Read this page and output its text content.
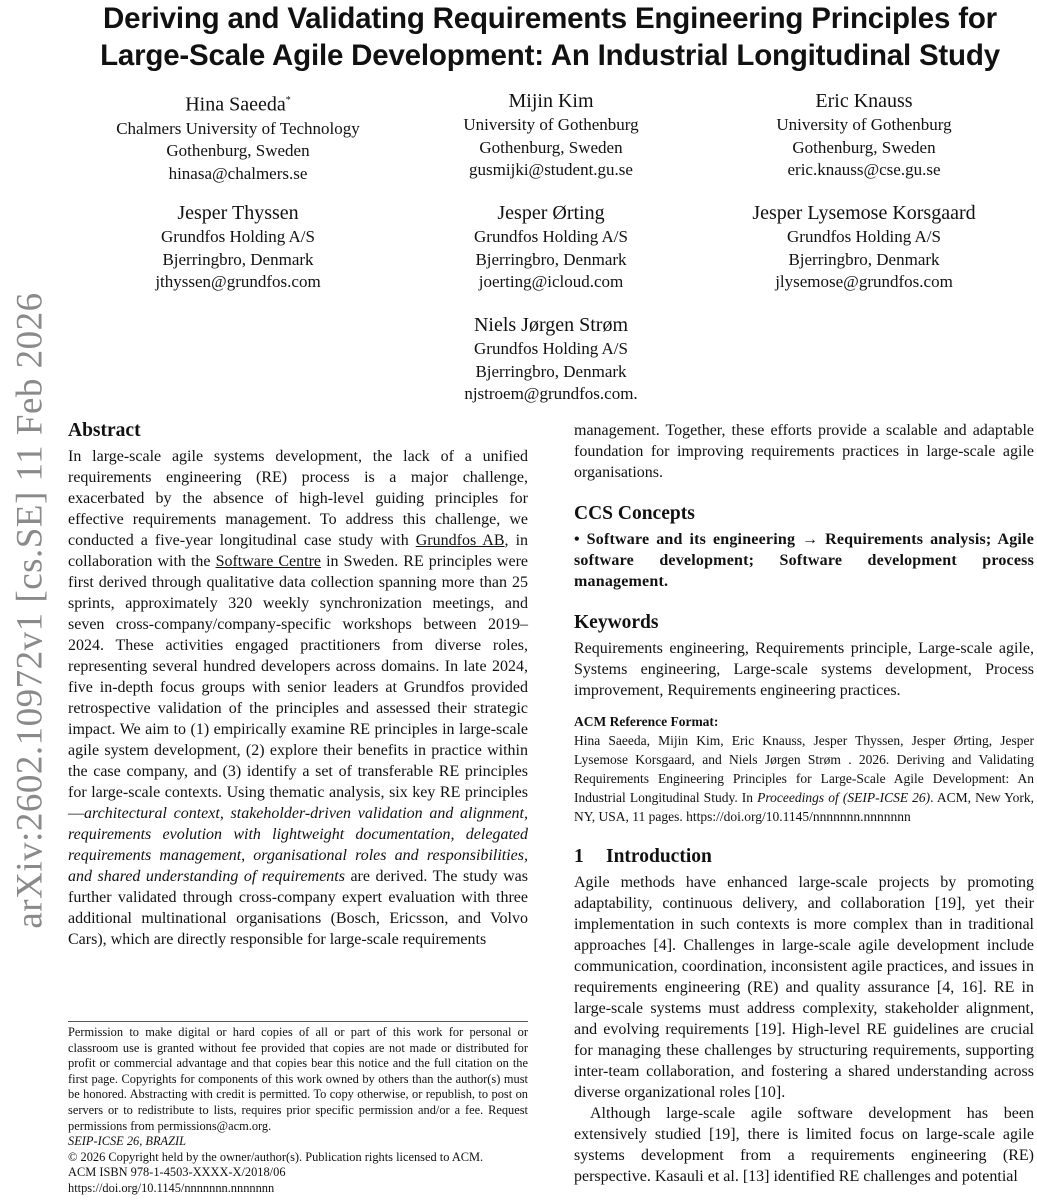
arXiv:2602.10972v1 [cs.SE] 11 Feb 2026
Deriving and Validating Requirements Engineering Principles for
Large-Scale Agile Development: An Industrial Longitudinal Study
Hina Saeeda*
Chalmers University of Technology
Gothenburg, Sweden
hinasa@chalmers.se
Mijin Kim
University of Gothenburg
Gothenburg, Sweden
gusmijki@student.gu.se
Eric Knauss
University of Gothenburg
Gothenburg, Sweden
eric.knauss@cse.gu.se
Jesper Thyssen
Grundfos Holding A/S
Bjerringbro, Denmark
jthyssen@grundfos.com
Jesper Ørting
Grundfos Holding A/S
Bjerringbro, Denmark
joerting@icloud.com
Jesper Lysemose Korsgaard
Grundfos Holding A/S
Bjerringbro, Denmark
jlysemose@grundfos.com
Niels Jørgen Strøm
Grundfos Holding A/S
Bjerringbro, Denmark
njstroem@grundfos.com.
Abstract

In large-scale agile systems development, the lack of a unified requirements engineering (RE) process is a major challenge, exacerbated by the absence of high-level guiding principles for effective requirements management. To address this challenge, we conducted a five-year longitudinal case study with Grundfos AB, in collaboration with the Software Centre in Sweden. RE principles were first derived through qualitative data collection spanning more than 25 sprints, approximately 320 weekly synchronization meetings, and seven cross-company/company-specific workshops between 2019–2024. These activities engaged practitioners from diverse roles, representing several hundred developers across domains. In late 2024, five in-depth focus groups with senior leaders at Grundfos provided retrospective validation of the principles and assessed their strategic impact. We aim to (1) empirically examine RE principles in large-scale agile system development, (2) explore their benefits in practice within the case company, and (3) identify a set of transferable RE principles for large-scale contexts. Using thematic analysis, six key RE principles—architectural context, stakeholder-driven validation and alignment, requirements evolution with lightweight documentation, delegated requirements management, organisational roles and responsibilities, and shared understanding of requirements are derived. The study was further validated through cross-company expert evaluation with three additional multinational organisations (Bosch, Ericsson, and Volvo Cars), which are directly responsible for large-scale requirements

Permission to make digital or hard copies of all or part of this work for personal or classroom use is granted without fee provided that copies are not made or distributed for profit or commercial advantage and that copies bear this notice and the full citation on the first page. Copyrights for components of this work owned by others than the author(s) must be honored. Abstracting with credit is permitted. To copy otherwise, or republish, to post on servers or to redistribute to lists, requires prior specific permission and/or a fee. Request permissions from permissions@acm.org.
SEIP-ICSE 26, BRAZIL
© 2026 Copyright held by the owner/author(s). Publication rights licensed to ACM.
ACM ISBN 978-1-4503-XXXX-X/2018/06
https://doi.org/10.1145/nnnnnnn.nnnnnnn

management. Together, these efforts provide a scalable and adaptable foundation for improving requirements practices in large-scale agile organisations.

CCS Concepts

• Software and its engineering → Requirements analysis; Agile software development; Software development process management.

Keywords

Requirements engineering, Requirements principle, Large-scale agile, Systems engineering, Large-scale systems development, Process improvement, Requirements engineering practices.

ACM Reference Format:

Hina Saeeda, Mijin Kim, Eric Knauss, Jesper Thyssen, Jesper Ørting, Jesper Lysemose Korsgaard, and Niels Jørgen Strøm . 2026. Deriving and Validating Requirements Engineering Principles for Large-Scale Agile Development: An Industrial Longitudinal Study. In Proceedings of (SEIP-ICSE 26). ACM, New York, NY, USA, 11 pages. https://doi.org/10.1145/nnnnnnn.nnnnnnn

1 Introduction

Agile methods have enhanced large-scale projects by promoting adaptability, continuous delivery, and collaboration [19], yet their implementation in such contexts is more complex than in traditional approaches [4]. Challenges in large-scale agile development include communication, coordination, inconsistent agile practices, and issues in requirements engineering (RE) and quality assurance [4, 16]. RE in large-scale systems must address complexity, stakeholder alignment, and evolving requirements [19]. High-level RE guidelines are crucial for managing these challenges by structuring requirements, supporting inter-team collaboration, and fostering a shared understanding across diverse organizational roles [10].

Although large-scale agile software development has been extensively studied [19], there is limited focus on large-scale agile systems development from a requirements engineering (RE) perspective. Kasauli et al. [13] identified RE challenges and potential
